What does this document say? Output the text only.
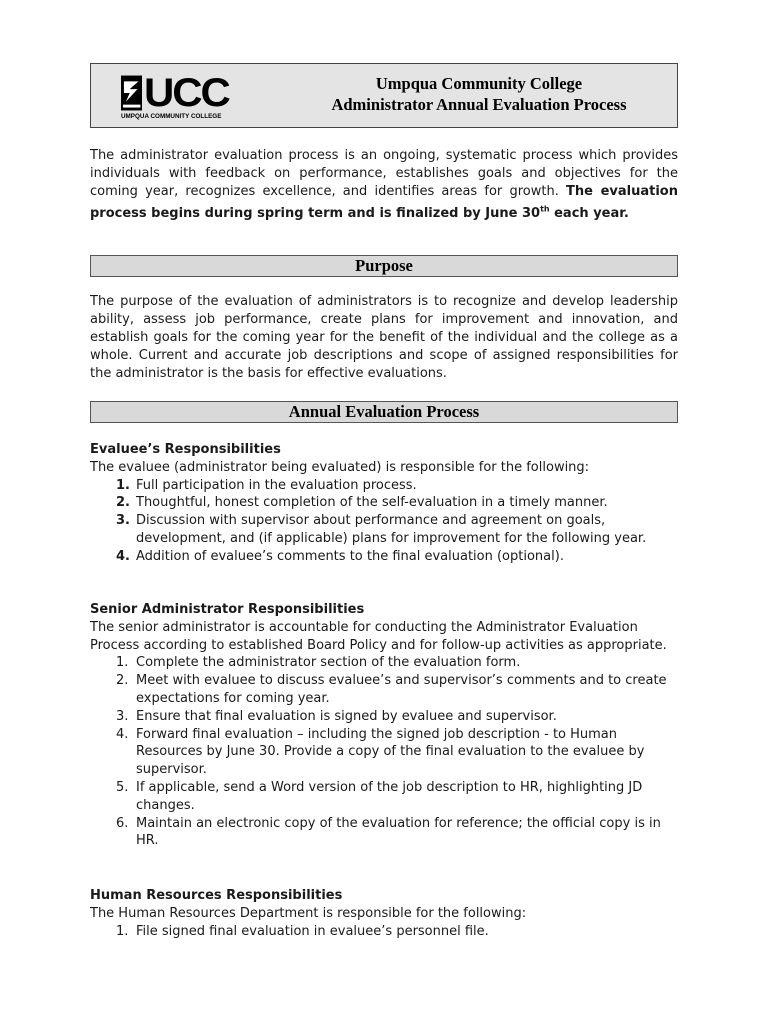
UCC
UMPQUA COMMUNITY COLLEGE
Umpqua Community College
Administrator Annual Evaluation Process

The administrator evaluation process is an ongoing, systematic process which provides individuals with feedback on performance, establishes goals and objectives for the coming year, recognizes excellence, and identifies areas for growth. The evaluation process begins during spring term and is finalized by June 30th each year.

Purpose

The purpose of the evaluation of administrators is to recognize and develop leadership ability, assess job performance, create plans for improvement and innovation, and establish goals for the coming year for the benefit of the individual and the college as a whole. Current and accurate job descriptions and scope of assigned responsibilities for the administrator is the basis for effective evaluations.

Annual Evaluation Process
Evaluee’s Responsibilities

The evaluee (administrator being evaluated) is responsible for the following:

1. Full participation in the evaluation process.
2. Thoughtful, honest completion of the self-evaluation in a timely manner.
3. Discussion with supervisor about performance and agreement on goals, development, and (if applicable) plans for improvement for the following year.
4. Addition of evaluee’s comments to the final evaluation (optional).
Senior Administrator Responsibilities

The senior administrator is accountable for conducting the Administrator Evaluation Process according to established Board Policy and for follow-up activities as appropriate.

1. Complete the administrator section of the evaluation form.
2. Meet with evaluee to discuss evaluee’s and supervisor’s comments and to create expectations for coming year.
3. Ensure that final evaluation is signed by evaluee and supervisor.
4. Forward final evaluation – including the signed job description - to Human Resources by June 30. Provide a copy of the final evaluation to the evaluee by supervisor.
5. If applicable, send a Word version of the job description to HR, highlighting JD changes.
6. Maintain an electronic copy of the evaluation for reference; the official copy is in HR.
Human Resources Responsibilities

The Human Resources Department is responsible for the following:

1. File signed final evaluation in evaluee’s personnel file.
